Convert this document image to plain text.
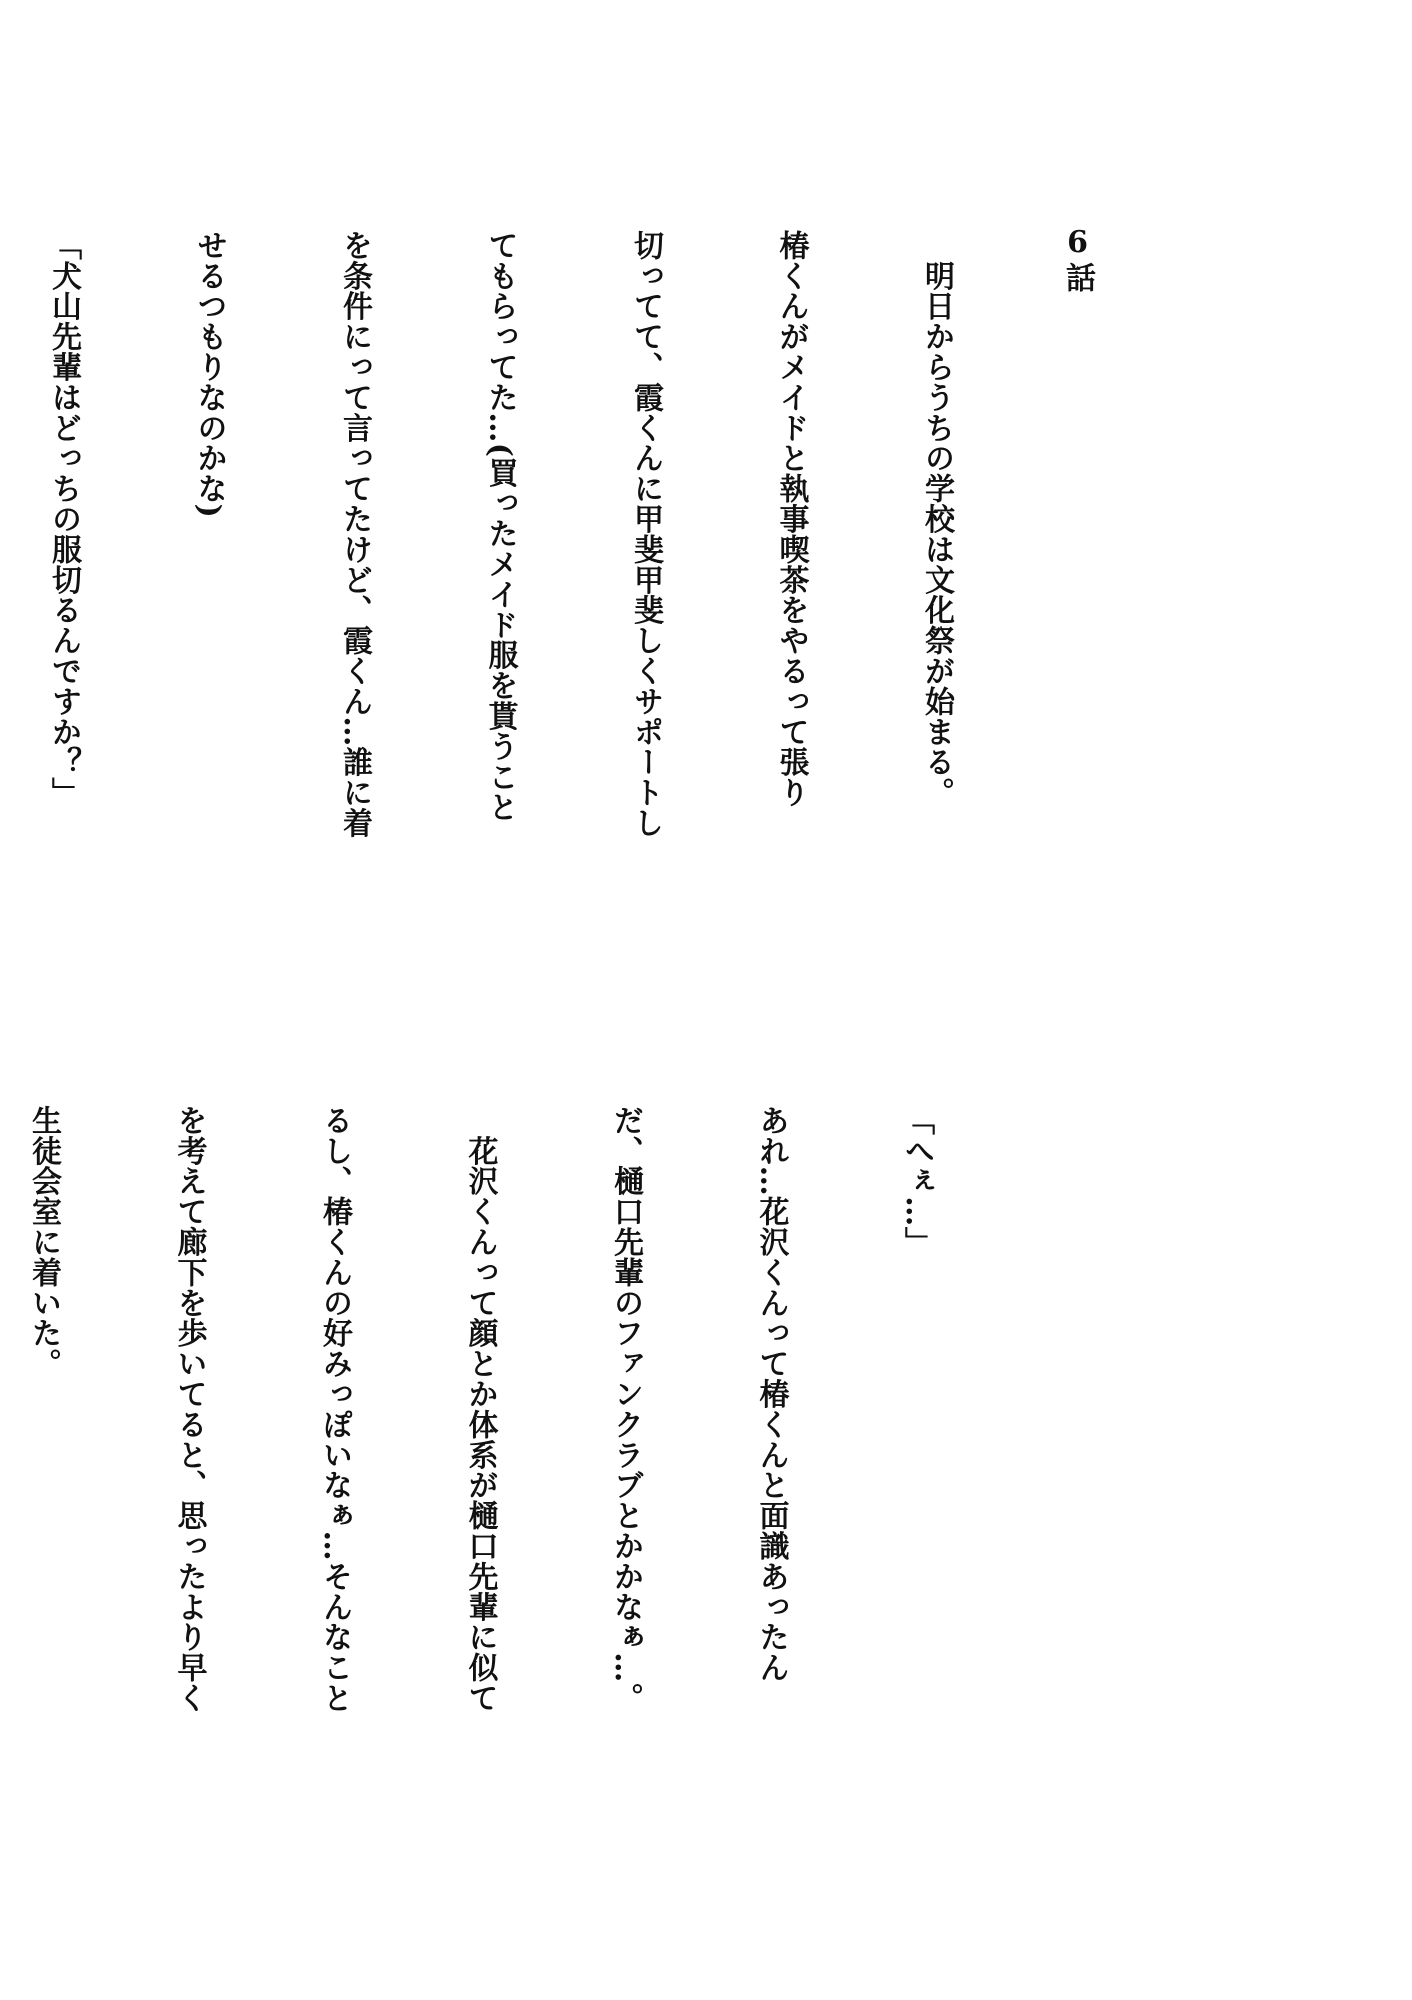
6話

　明日からうちの学校は文化祭が始まる。

椿くんがメイドと執事喫茶をやるって張り

切ってて、霞くんに甲斐甲斐しくサポートし

てもらってた…(買ったメイド服を貰うこと

を条件にって言ってたけど、霞くん…誰に着

せるつもりなのかな)

「犬山先輩はどっちの服切るんですか？」

「へぇ…」

あれ…花沢くんって椿くんと面識あったん

だ、樋口先輩のファンクラブとかかなぁ…。

　花沢くんって顔とか体系が樋口先輩に似て

るし、椿くんの好みっぽいなぁ…そんなこと

を考えて廊下を歩いてると、思ったより早く

生徒会室に着いた。
